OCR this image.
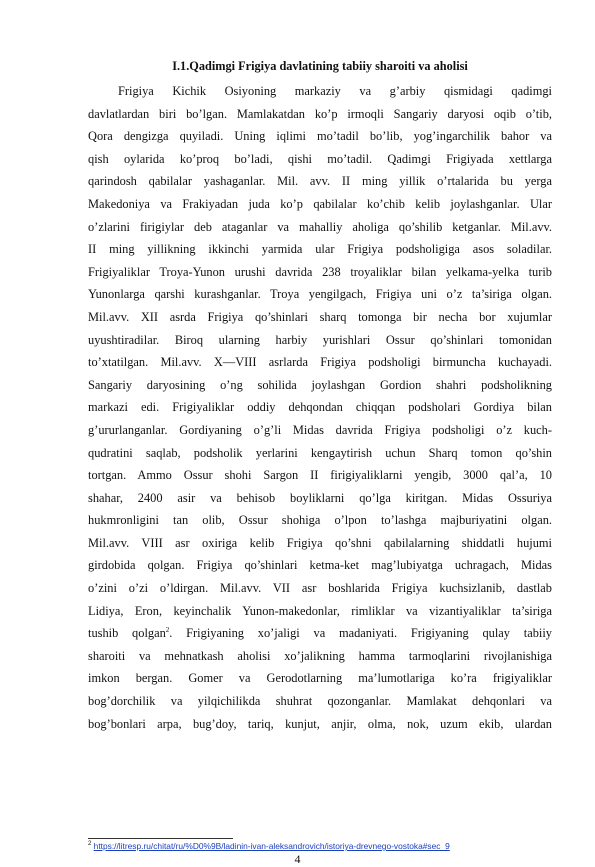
I.1.Qadimgi Frigiya davlatining tabiiy sharoiti va aholisi
Frigiya Kichik Osiyoning markaziy va g’arbiy qismidagi qadimgi
davlatlardan biri bo’lgan. Mamlakatdan ko’p irmoqli Sangariy daryosi oqib o’tib,
Qora dengizga quyiladi. Uning iqlimi mo’tadil bo’lib, yog’ingarchilik bahor va
qish oylarida ko’proq bo’ladi, qishi mo’tadil. Qadimgi Frigiyada xettlarga
qarindosh qabilalar yashaganlar. Mil. avv. II ming yillik o’rtalarida bu yerga
Makedoniya va Frakiyadan juda ko’p qabilalar ko’chib kelib joylashganlar. Ular
o’zlarini firigiylar deb ataganlar va mahalliy aholiga qo’shilib ketganlar. Mil.avv.
II ming yillikning ikkinchi yarmida ular Frigiya podsholigiga asos soladilar.
Frigiyaliklar Troya-Yunon urushi davrida 238 troyaliklar bilan yelkama-yelka turib
Yunonlarga qarshi kurashganlar. Troya yengilgach, Frigiya uni o’z ta’siriga olgan.
Mil.avv. XII asrda Frigiya qo’shinlari sharq tomonga bir necha bor xujumlar
uyushtiradilar. Biroq ularning harbiy yurishlari Ossur qo’shinlari tomonidan
to’xtatilgan. Mil.avv. X—VIII asrlarda Frigiya podsholigi birmuncha kuchayadi.
Sangariy daryosining o’ng sohilida joylashgan Gordion shahri podsholikning
markazi edi. Frigiyaliklar oddiy dehqondan chiqqan podsholari Gordiya bilan
g’ururlanganlar. Gordiyaning o’g’li Midas davrida Frigiya podsholigi o’z kuch-
qudratini saqlab, podsholik yerlarini kengaytirish uchun Sharq tomon qo’shin
tortgan. Ammo Ossur shohi Sargon II firigiyaliklarni yengib, 3000 qal’a, 10
shahar, 2400 asir va behisob boyliklarni qo’lga kiritgan. Midas Ossuriya
hukmronligini tan olib, Ossur shohiga o’lpon to’lashga majburiyatini olgan.
Mil.avv. VIII asr oxiriga kelib Frigiya qo’shni qabilalarning shiddatli hujumi
girdobida qolgan. Frigiya qo’shinlari ketma-ket mag’lubiyatga uchragach, Midas
o’zini o’zi o’ldirgan. Mil.avv. VII asr boshlarida Frigiya kuchsizlanib, dastlab
Lidiya, Eron, keyinchalik Yunon-makedonlar, rimliklar va vizantiyaliklar ta’siriga
tushib qolgan$^2$. Frigiyaning xo’jaligi va madaniyati. Frigiyaning qulay tabiiy
sharoiti va mehnatkash aholisi xo’jalikning hamma tarmoqlarini rivojlanishiga
imkon bergan. Gomer va Gerodotlarning ma’lumotlariga ko’ra frigiyaliklar
bog’dorchilik va yilqichilikda shuhrat qozonganlar. Mamlakat dehqonlari va
bog’bonlari arpa, bug’doy, tariq, kunjut, anjir, olma, nok, uzum ekib, ulardan
$^2$ https://litresp.ru/chitat/ru/%D0%9B/ladinin-ivan-aleksandrovich/istoriya-drevnego-vostoka#sec_9
4
